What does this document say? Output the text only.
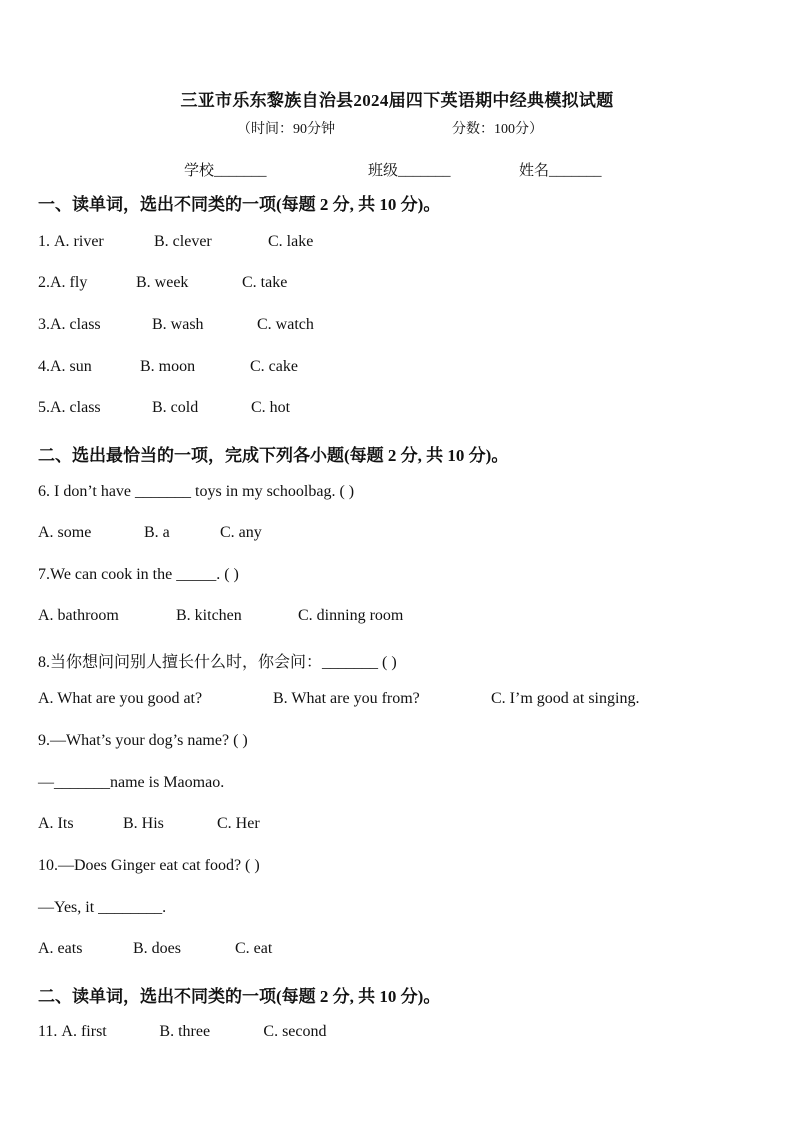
三亚市乐东黎族自治县2024届四下英语期中经典模拟试题
（时间：90分钟	分数：100分）
学校_______	班级_______	姓名_______
一、读单词，选出不同类的一项(每题 2 分, 共 10 分)。
1. A. river	B. clever	C. lake
2.A. fly	B. week	C. take
3.A. class	B. wash	C. watch
4.A. sun	B. moon	C. cake
5.A. class	B. cold	C. hot
二、选出最恰当的一项，完成下列各小题(每题 2 分, 共 10 分)。
6. I don’t have _______ toys in my schoolbag. ( )
A. some	B. a	C. any
7.We can cook in the _____. ( )
A. bathroom	B. kitchen	C. dinning room
8.当你想问问别人擅长什么时，你会问：_______ ( )
A. What are you good at?	B. What are you from?	C. I’m good at singing.
9.—What’s your dog’s name? ( )
—_______name is Maomao.
A. Its	B. His	C. Her
10.—Does Ginger eat cat food? ( )
—Yes, it ________.
A. eats	B. does	C. eat
二、读单词，选出不同类的一项(每题 2 分, 共 10 分)。
11. A. first	B. three	C. second
